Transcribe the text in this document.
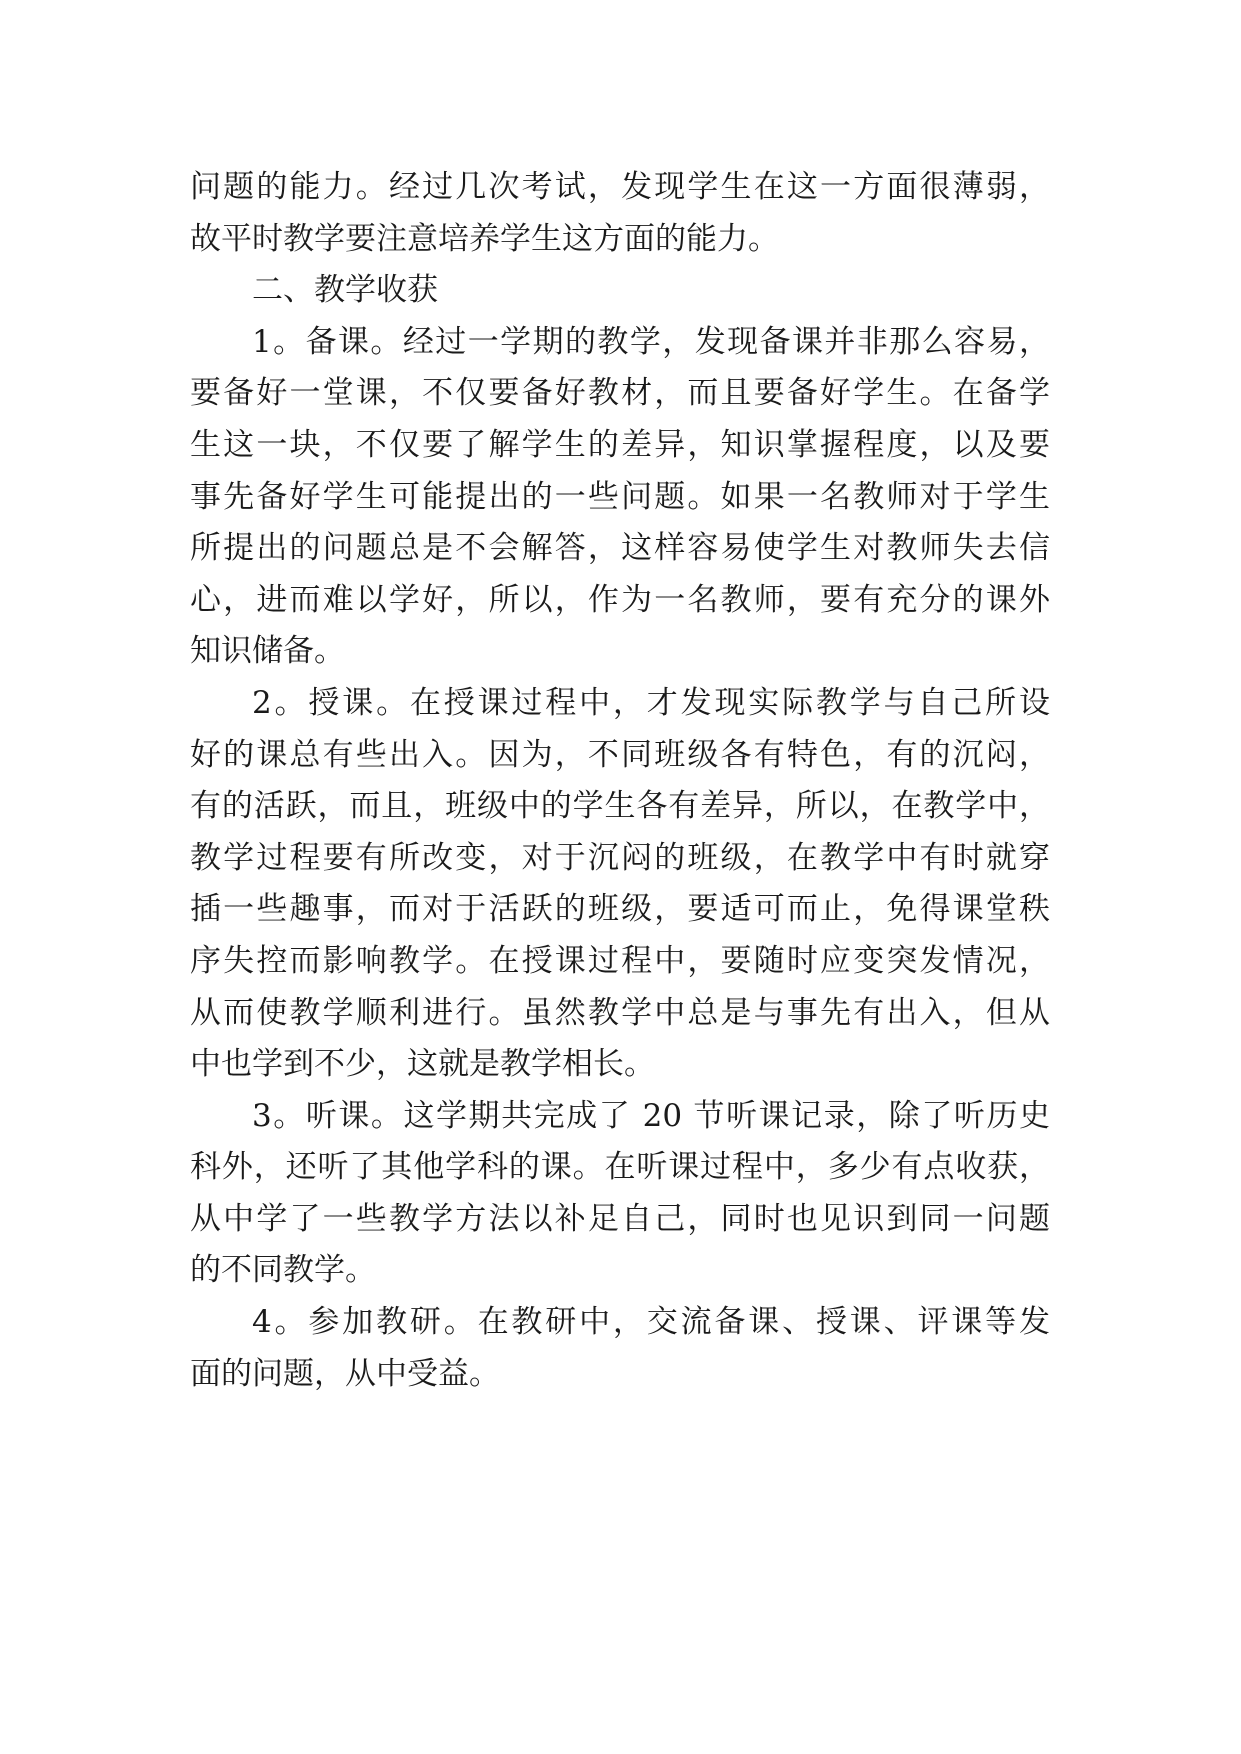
问题的能力。经过几次考试，发现学生在这一方面很薄弱，
故平时教学要注意培养学生这方面的能力。
二、教学收获
1。备课。经过一学期的教学，发现备课并非那么容易，
要备好一堂课，不仅要备好教材，而且要备好学生。在备学
生这一块，不仅要了解学生的差异，知识掌握程度，以及要
事先备好学生可能提出的一些问题。如果一名教师对于学生
所提出的问题总是不会解答，这样容易使学生对教师失去信
心，进而难以学好，所以，作为一名教师，要有充分的课外
知识储备。
2。授课。在授课过程中，才发现实际教学与自己所设
好的课总有些出入。因为，不同班级各有特色，有的沉闷，
有的活跃，而且，班级中的学生各有差异，所以，在教学中，
教学过程要有所改变，对于沉闷的班级，在教学中有时就穿
插一些趣事，而对于活跃的班级，要适可而止，免得课堂秩
序失控而影响教学。在授课过程中，要随时应变突发情况，
从而使教学顺利进行。虽然教学中总是与事先有出入，但从
中也学到不少，这就是教学相长。
3。听课。这学期共完成了 20 节听课记录，除了听历史
科外，还听了其他学科的课。在听课过程中，多少有点收获，
从中学了一些教学方法以补足自己，同时也见识到同一问题
的不同教学。
4。参加教研。在教研中，交流备课、授课、评课等发
面的问题，从中受益。
